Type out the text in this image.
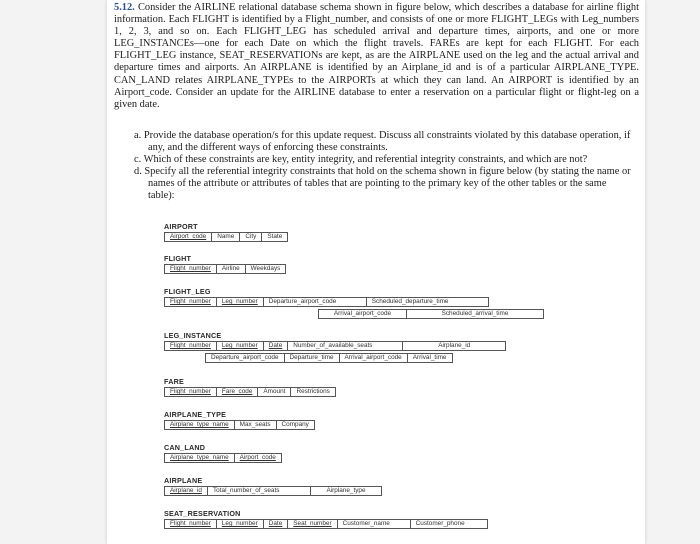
5.12. Consider the AIRLINE relational database schema shown in figure below, which describes a database for airline flight information. Each FLIGHT is identified by a Flight_number, and consists of one or more FLIGHT_LEGs with Leg_numbers 1, 2, 3, and so on. Each FLIGHT_LEG has scheduled arrival and departure times, airports, and one or more LEG_INSTANCEs—one for each Date on which the flight travels. FAREs are kept for each FLIGHT. For each FLIGHT_LEG instance, SEAT_RESERVATIONs are kept, as are the AIRPLANE used on the leg and the actual arrival and departure times and airports. An AIRPLANE is identified by an Airplane_id and is of a particular AIRPLANE_TYPE. CAN_LAND relates AIRPLANE_TYPEs to the AIRPORTs at which they can land. An AIRPORT is identified by an Airport_code. Consider an update for the AIRLINE database to enter a reservation on a particular flight or flight-leg on a given date.

a. Provide the database operation/s for this update request. Discuss all constraints violated by this database operation, if any, and the different ways of enforcing these constraints.
c. Which of these constraints are key, entity integrity, and referential integrity constraints, and which are not?
d. Specify all the referential integrity constraints that hold on the schema shown in figure below (by stating the name or names of the attribute or attributes of tables that are pointing to the primary key of the other tables or the same table):
AIRPORT
Airport_code	Name	City	State
FLIGHT
Flight_number	Airline	Weekdays
FLIGHT_LEG
Flight_number	Leg_number	Departure_airport_code	Scheduled_departure_time
Arrival_airport_code	Scheduled_arrival_time
LEG_INSTANCE
Flight_number	Leg_number	Date	Number_of_available_seats	Airplane_id
Departure_airport_code	Departure_time	Arrival_airport_code	Arrival_time
FARE
Flight_number	Fare_code	Amount	Restrictions
AIRPLANE_TYPE
Airplane_type_name	Max_seats	Company
CAN_LAND
Airplane_type_name	Airport_code
AIRPLANE
Airplane_id	Total_number_of_seats	Airplane_type
SEAT_RESERVATION
Flight_number	Leg_number	Date	Seat_number	Customer_name	Customer_phone
